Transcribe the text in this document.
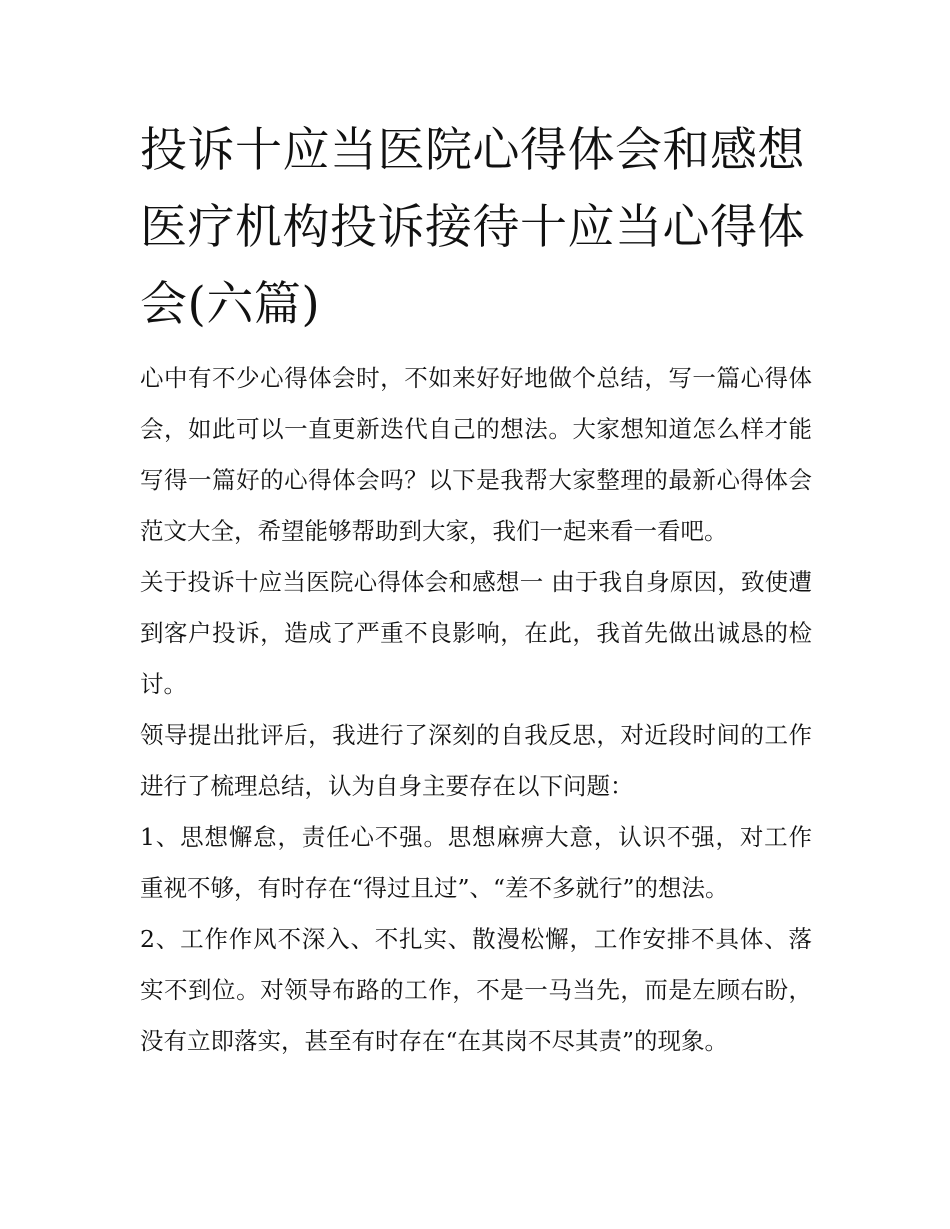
投诉十应当医院心得体会和感想 医疗机构投诉接待十应当心得体会(六篇)

心中有不少心得体会时，不如来好好地做个总结，写一篇心得体会，如此可以一直更新迭代自己的想法。大家想知道怎么样才能写得一篇好的心得体会吗？以下是我帮大家整理的最新心得体会范文大全，希望能够帮助到大家，我们一起来看一看吧。

关于投诉十应当医院心得体会和感想一 由于我自身原因，致使遭到客户投诉，造成了严重不良影响，在此，我首先做出诚恳的检讨。

领导提出批评后，我进行了深刻的自我反思，对近段时间的工作进行了梳理总结，认为自身主要存在以下问题：

1、思想懈怠，责任心不强。思想麻痹大意，认识不强，对工作重视不够，有时存在“得过且过”、“差不多就行”的想法。

2、工作作风不深入、不扎实、散漫松懈，工作安排不具体、落实不到位。对领导布路的工作，不是一马当先，而是左顾右盼，没有立即落实，甚至有时存在“在其岗不尽其责”的现象。
